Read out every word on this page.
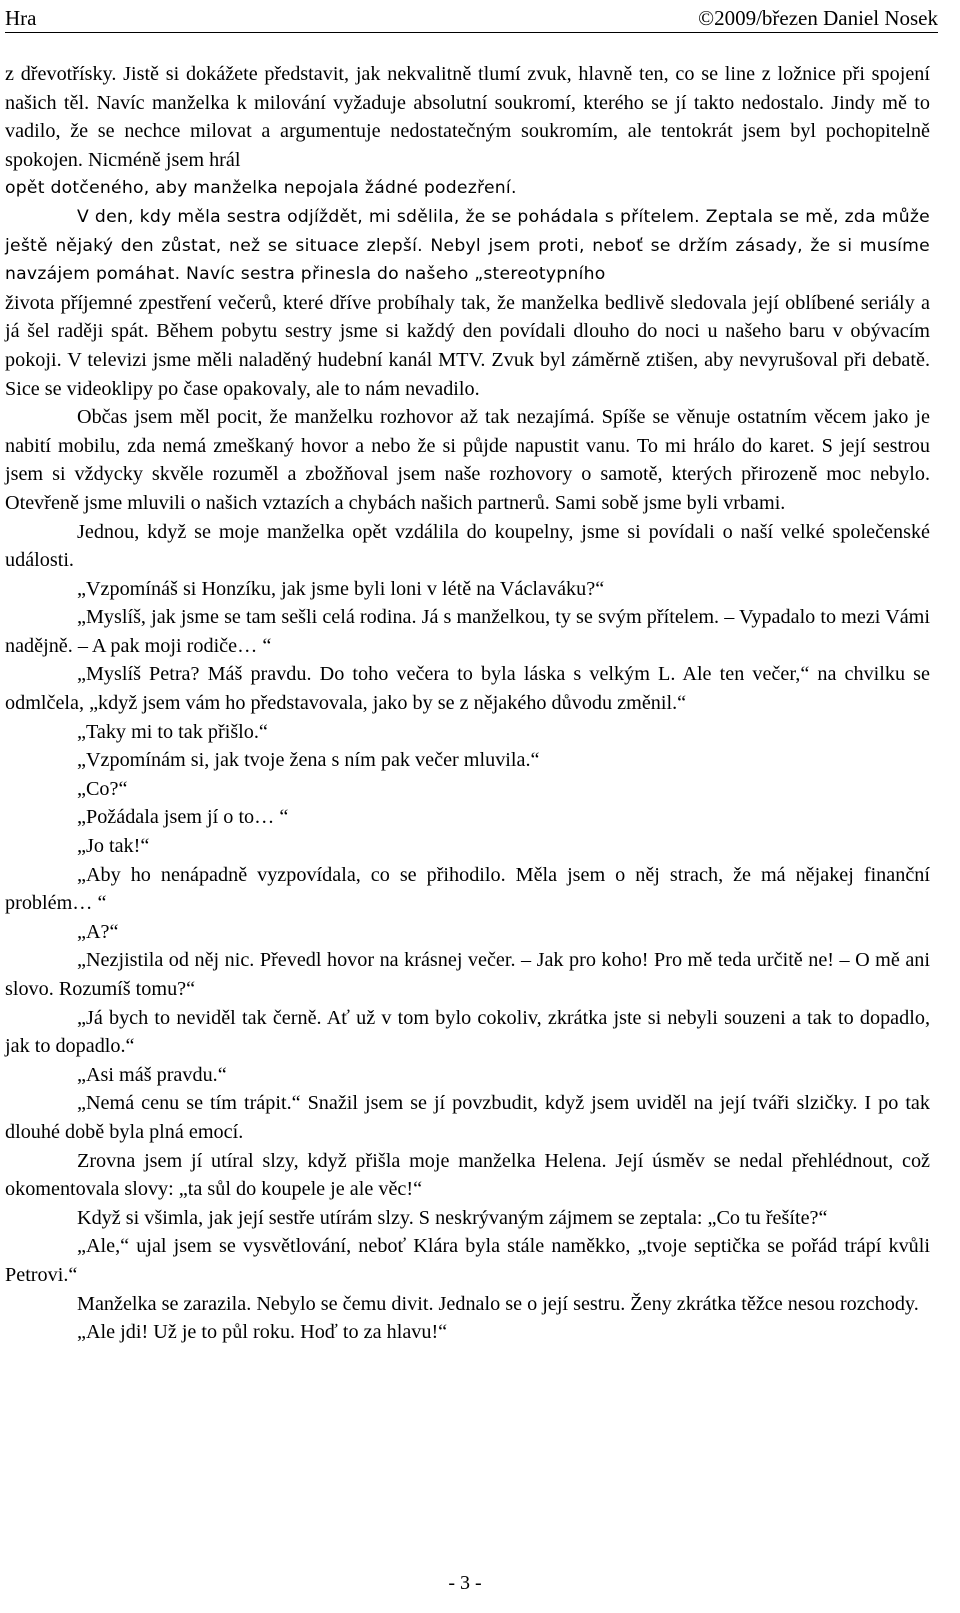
Hra	©2009/březen Daniel Nosek

z dřevotřísky. Jistě si dokážete představit, jak nekvalitně tlumí zvuk, hlavně ten, co se line z ložnice při spojení našich těl. Navíc manželka k milování vyžaduje absolutní soukromí, kterého se jí takto nedostalo. Jindy mě to vadilo, že se nechce milovat a argumentuje nedostatečným soukromím, ale tentokrát jsem byl pochopitelně spokojen. Nicméně jsem hrál

opět dotčeného, aby manželka nepojala žádné podezření.

V den, kdy měla sestra odjíždět, mi sdělila, že se pohádala s přítelem. Zeptala se mě, zda může ještě nějaký den zůstat, než se situace zlepší. Nebyl jsem proti, neboť se držím zásady, že si musíme navzájem pomáhat. Navíc sestra přinesla do našeho „stereotypního

života příjemné zpestření večerů, které dříve probíhaly tak, že manželka bedlivě sledovala její oblíbené seriály a já šel raději spát. Během pobytu sestry jsme si každý den povídali dlouho do noci u našeho baru v obývacím pokoji. V televizi jsme měli naladěný hudební kanál MTV. Zvuk byl záměrně ztišen, aby nevyrušoval při debatě. Sice se videoklipy po čase opakovaly, ale to nám nevadilo.

Občas jsem měl pocit, že manželku rozhovor až tak nezajímá. Spíše se věnuje ostatním věcem jako je nabití mobilu, zda nemá zmeškaný hovor a nebo že si půjde napustit vanu. To mi hrálo do karet. S její sestrou jsem si vždycky skvěle rozuměl a zbožňoval jsem naše rozhovory o samotě, kterých přirozeně moc nebylo. Otevřeně jsme mluvili o našich vztazích a chybách našich partnerů. Sami sobě jsme byli vrbami.

Jednou, když se moje manželka opět vzdálila do koupelny, jsme si povídali o naší velké společenské události.

„Vzpomínáš si Honzíku, jak jsme byli loni v létě na Václaváku?“

„Myslíš, jak jsme se tam sešli celá rodina. Já s manželkou, ty se svým přítelem. – Vypadalo to mezi Vámi nadějně. – A pak moji rodiče… “

„Myslíš Petra? Máš pravdu. Do toho večera to byla láska s velkým L. Ale ten večer,“ na chvilku se odmlčela, „když jsem vám ho představovala, jako by se z nějakého důvodu změnil.“

„Taky mi to tak přišlo.“

„Vzpomínám si, jak tvoje žena s ním pak večer mluvila.“

„Co?“

„Požádala jsem jí o to… “

„Jo tak!“

„Aby ho nenápadně vyzpovídala, co se přihodilo. Měla jsem o něj strach, že má nějakej finanční problém… “

„A?“

„Nezjistila od něj nic. Převedl hovor na krásnej večer. – Jak pro koho! Pro mě teda určitě ne! – O mě ani slovo. Rozumíš tomu?“

„Já bych to neviděl tak černě. Ať už v tom bylo cokoliv, zkrátka jste si nebyli souzeni a tak to dopadlo, jak to dopadlo.“

„Asi máš pravdu.“

„Nemá cenu se tím trápit.“ Snažil jsem se jí povzbudit, když jsem uviděl na její tváři slzičky. I po tak dlouhé době byla plná emocí.

Zrovna jsem jí utíral slzy, když přišla moje manželka Helena. Její úsměv se nedal přehlédnout, což okomentovala slovy: „ta sůl do koupele je ale věc!“

Když si všimla, jak její sestře utírám slzy. S neskrývaným zájmem se zeptala: „Co tu řešíte?“

„Ale,“ ujal jsem se vysvětlování, neboť Klára byla stále naměkko, „tvoje septička se pořád trápí kvůli Petrovi.“

Manželka se zarazila. Nebylo se čemu divit. Jednalo se o její sestru. Ženy zkrátka těžce nesou rozchody.

„Ale jdi! Už je to půl roku. Hoď to za hlavu!“

- 3 -
